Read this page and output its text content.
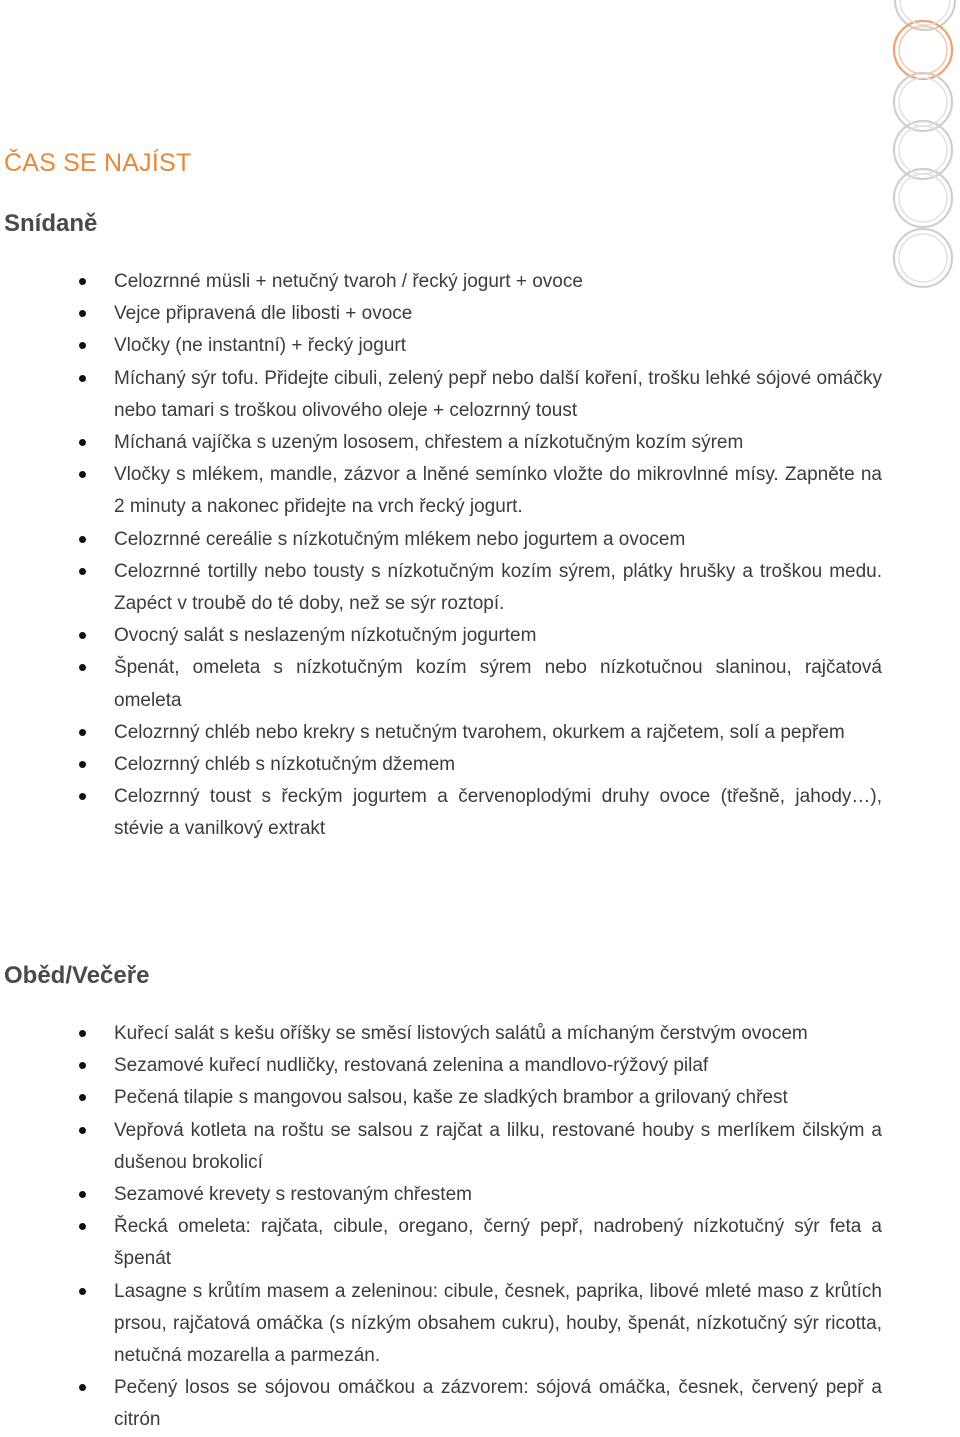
ČAS SE NAJÍST
Snídaně
Celozrnné müsli + netučný tvaroh / řecký jogurt + ovoce
Vejce připravená dle libosti + ovoce
Vločky (ne instantní) + řecký jogurt
Míchaný sýr tofu. Přidejte cibuli, zelený pepř nebo další koření, trošku lehké sójové omáčky nebo tamari s troškou olivového oleje + celozrnný toust
Míchaná vajíčka s uzeným lososem, chřestem a nízkotučným kozím sýrem
Vločky s mlékem, mandle, zázvor a lněné semínko vložte do mikrovlnné mísy. Zapněte na 2 minuty a nakonec přidejte na vrch řecký jogurt.
Celozrnné cereálie s nízkotučným mlékem nebo jogurtem a ovocem
Celozrnné tortilly nebo tousty s nízkotučným kozím sýrem, plátky hrušky a troškou medu. Zapéct v troubě do té doby, než se sýr roztopí.
Ovocný salát s neslazeným nízkotučným jogurtem
Špenát, omeleta s nízkotučným kozím sýrem nebo nízkotučnou slaninou, rajčatová omeleta
Celozrnný chléb nebo krekry s netučným tvarohem, okurkem a rajčetem, solí a pepřem
Celozrnný chléb s nízkotučným džemem
Celozrnný toust s řeckým jogurtem a červenoplodými druhy ovoce (třešně, jahody…), stévie a vanilkový extrakt
Oběd/Večeře
Kuřecí salát s kešu oříšky se směsí listových salátů a míchaným čerstvým ovocem
Sezamové kuřecí nudličky, restovaná zelenina a mandlovo-rýžový pilaf
Pečená tilapie s mangovou salsou, kaše ze sladkých brambor a grilovaný chřest
Vepřová kotleta na roštu se salsou z rajčat a lilku, restované houby s merlíkem čilským a dušenou brokolicí
Sezamové krevety s restovaným chřestem
Řecká omeleta: rajčata, cibule, oregano, černý pepř, nadrobený nízkotučný sýr feta a špenát
Lasagne s krůtím masem a zeleninou: cibule, česnek, paprika, libové mleté maso z krůtích prsou, rajčatová omáčka (s nízkým obsahem cukru), houby, špenát, nízkotučný sýr ricotta, netučná mozarella a parmezán.
Pečený losos se sójovou omáčkou a zázvorem: sójová omáčka, česnek, červený pepř a citrón
